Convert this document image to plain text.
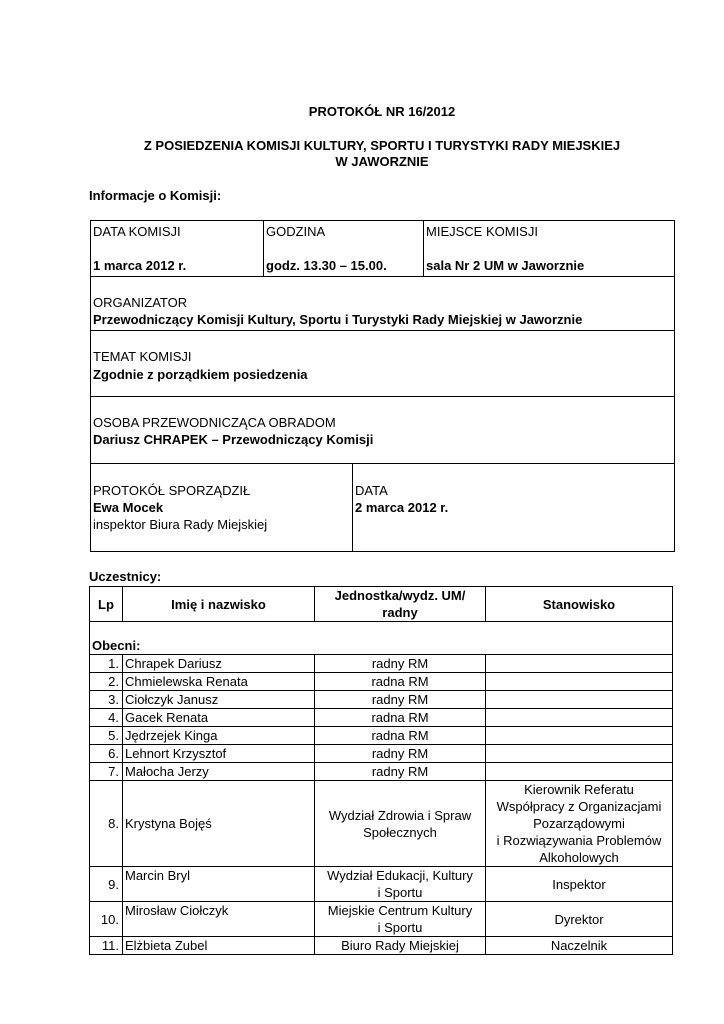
PROTOKÓŁ NR 16/2012
Z POSIEDZENIA KOMISJI KULTURY, SPORTU I TURYSTYKI RADY MIEJSKIEJ
W JAWORZNIE
Informacje o Komisji:
DATA KOMISJI
1 marca 2012 r.
GODZINA
godz. 13.30 – 15.00.
MIEJSCE KOMISJI
sala Nr 2 UM w Jaworznie
ORGANIZATOR
Przewodniczący Komisji Kultury, Sportu i Turystyki Rady Miejskiej w Jaworznie
TEMAT KOMISJI
Zgodnie z porządkiem posiedzenia
OSOBA PRZEWODNICZĄCA OBRADOM
Dariusz CHRAPEK – Przewodniczący Komisji
PROTOKÓŁ SPORZĄDZIŁ
Ewa Mocek
inspektor Biura Rady Miejskiej
DATA
2 marca 2012 r.
Uczestnicy:
Lp	Imię i nazwisko	Jednostka/wydz. UM/
radny	Stanowisko
Obecni:			
1.	Chrapek Dariusz	radny RM	
2.	Chmielewska Renata	radna RM	
3.	Ciołczyk Janusz	radny RM	
4.	Gacek Renata	radna RM	
5.	Jędrzejek Kinga	radna RM	
6.	Lehnort Krzysztof	radny RM	
7.	Małocha Jerzy	radny RM	
8.	Krystyna Bojęś	Wydział Zdrowia i Spraw
Społecznych	Kierownik Referatu
Współpracy z Organizacjami
Pozarządowymi
i Rozwiązywania Problemów
Alkoholowych
9.	Marcin Bryl	Wydział Edukacji, Kultury
i Sportu	Inspektor
10.	Mirosław Ciołczyk	Miejskie Centrum Kultury
i Sportu	Dyrektor
11.	Elżbieta Zubel	Biuro Rady Miejskiej	Naczelnik
